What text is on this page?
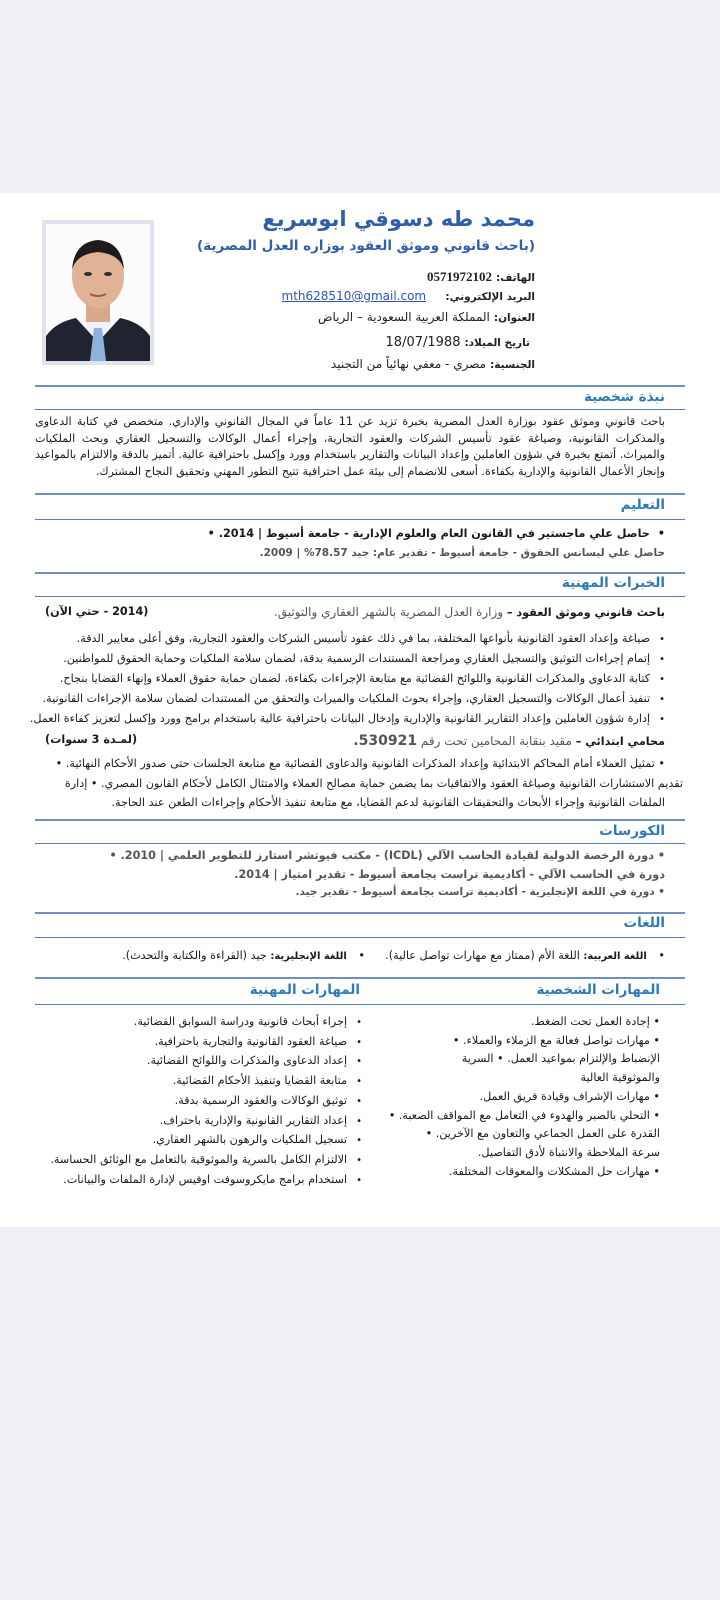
محمد طه دسوقي ابوسريع
(باحث قانوني وموثق العقود بوزاره العدل المصرية)
الهاتف:0571972102
البريد الإلكتروني:    mth628510@gmail.com
العنوان:المملكة العربية السعودية – الرياض
تاريخ الميلاد:18/07/1988
الجنسية:مصري - معفي نهائياً من التجنيد
نبذة شخصية
باحث قانوني وموثق عقود بوزارة العدل المصرية بخبرة تزيد عن 11 عاماً في المجال القانوني والإداري. متخصص في كتابة الدعاوى والمذكرات القانونية، وصياغة عقود تأسيس الشركات والعقود التجارية، وإجراء أعمال الوكالات والتسجيل العقاري وبحث الملكيات والميراث. أتمتع بخبرة في شؤون العاملين وإعداد البيانات والتقارير باستخدام وورد وإكسل باحترافية عالية. أتميز بالدقة والالتزام بالمواعيد وإنجاز الأعمال القانونية والإدارية بكفاءة. أسعى للانضمام إلى بيئة عمل احترافية تتيح التطور المهني وتحقيق النجاح المشترك.
التعليم
• حاصل علي ماجستير في القانون العام والعلوم الإدارية - جامعة أسيوط | 2014. •
حاصل علي ليسانس الحقوق - جامعة أسيوط - تقدير عام: جيد 78.57% | 2009.
الخبرات المهنية
باحث قانوني وموثق العقود – وزارة العدل المصرية بالشهر العقاري والتوثيق.
(2014 - حتي الآن)
• صياغة وإعداد العقود القانونية بأنواعها المختلفة، بما في ذلك عقود تأسيس الشركات والعقود التجارية، وفق أعلى معايير الدقة.
• إتمام إجراءات التوثيق والتسجيل العقاري ومراجعة المستندات الرسمية بدقة، لضمان سلامة الملكيات وحماية الحقوق للمواطنين.
• كتابة الدعاوى والمذكرات القانونية واللوائح القضائية مع متابعة الإجراءات بكفاءة، لضمان حماية حقوق العملاء وإنهاء القضايا بنجاح.
• تنفيذ أعمال الوكالات والتسجيل العقاري، وإجراء بحوث الملكيات والميراث والتحقق من المستندات لضمان سلامة الإجراءات القانونية.
• إدارة شؤون العاملين وإعداد التقارير القانونية والإدارية وإدخال البيانات باحترافية عالية باستخدام برامج وورد وإكسل لتعزيز كفاءة العمل.
محامي ابتدائي – مقيد بنقابة المحامين تحت رقم 530921.
(لمـدة 3 سنوات)
• تمثيل العملاء أمام المحاكم الابتدائية وإعداد المذكرات القانونية والدعاوى القضائية مع متابعة الجلسات حتى صدور الأحكام النهائية. •
تقديم الاستشارات القانونية وصياغة العقود والاتفاقيات بما يضمن حماية مصالح العملاء والامتثال الكامل لأحكام القانون المصري. • إدارة
الملفات القانونية وإجراء الأبحاث والتحقيقات القانونية لدعم القضايا، مع متابعة تنفيذ الأحكام وإجراءات الطعن عند الحاجة.
الكورسات
• دورة الرخصة الدولية لقيادة الحاسب الآلي (ICDL) - مكتب فيوتشر استارز للتطوير العلمي | 2010. •
دورة في الحاسب الآلي - أكاديمية تراست بجامعة أسيوط - تقدير امتياز | 2014.
• دورة في اللغة الإنجليزية - أكاديمية تراست بجامعة أسيوط - تقدير جيد.
اللغات
• اللغة العربية: اللغة الأم (ممتاز مع مهارات تواصل عالية).
• اللغة الإنجليزية: جيد (القراءة والكتابة والتحدث).
المهارات الشخصية
المهارات المهنية
• إجادة العمل تحت الضغط.
• مهارات تواصل فعالة مع الزملاء والعملاء. •
الإنضباط والإلتزام بمواعيد العمل. • السرية
والموثوقية العالية
• مهارات الإشراف وقيادة فريق العمل.
• التحلي بالصبر والهدوء في التعامل مع المواقف الصعبة. •
القدرة على العمل الجماعي والتعاون مع الآخرين. •
سرعة الملاحظة والانتباة لأدق التفاصيل.
• مهارات حل المشكلات والمعوقات المختلفة.
• إجراء أبحاث قانونية ودراسة السوابق القضائية.
• صياغة العقود القانونية والتجارية باحترافية.
• إعداد الدعاوى والمذكرات واللوائح القضائية.
• متابعة القضايا وتنفيذ الأحكام القضائية.
• توثيق الوكالات والعقود الرسمية بدقة.
• إعداد التقارير القانونية والإدارية باحتراف.
• تسجيل الملكيات والرهون بالشهر العقاري.
• الالتزام الكامل بالسرية والموثوقية بالتعامل مع الوثائق الحساسة.
• استخدام برامج مايكروسوفت اوفيس لإدارة الملفات والبيانات.
